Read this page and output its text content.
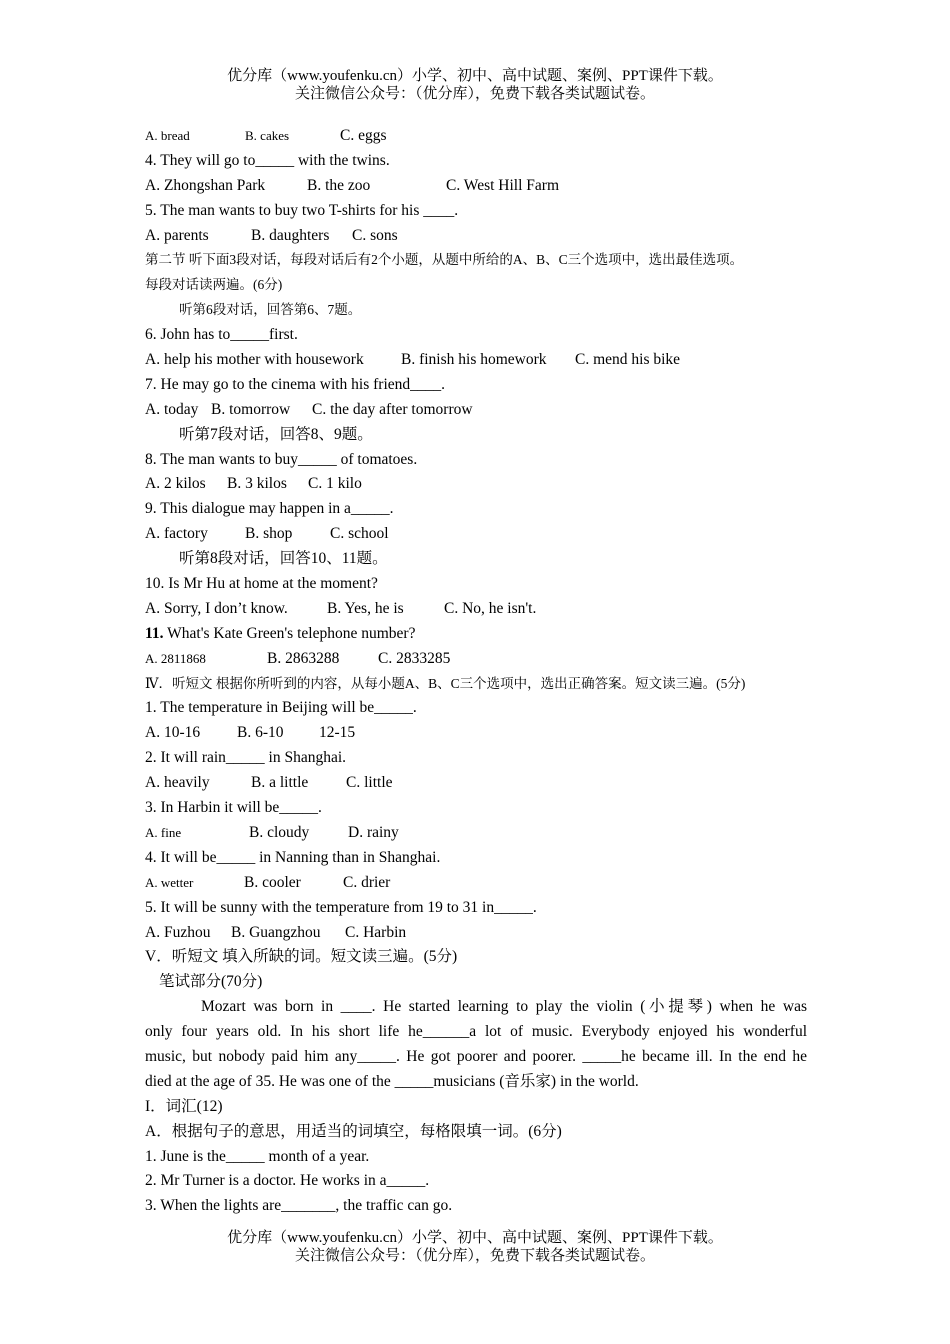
优分库（www.youfenku.cn）小学、初中、高中试题、案例、PPT课件下载。
关注微信公众号：（优分库），免费下载各类试题试卷。
A. bread	B. cakes	C. eggs
4. They will go to_____ with the twins.
A. Zhongshan Park	B. the zoo	C. West Hill Farm
5. The man wants to buy two T-shirts for his ____.
A. parents	B. daughters C. sons
第二节 听下面3段对话，每段对话后有2个小题，从题中所给的A、B、C三个选项中，选出最佳选项。
每段对话读两遍。(6分)
听第6段对话，回答第6、7题。
6. John has to_____first.
A. help his mother with housework B. finish his homework C. mend his bike
7. He may go to the cinema with his friend____.
A. today B. tomorrow C. the day after tomorrow
听第7段对话，回答8、9题。
8. The man wants to buy_____ of tomatoes.
A. 2 kilos B. 3 kilos C. 1 kilo
9. This dialogue may happen in a_____.
A. factory B. shop C. school
听第8段对话，回答10、11题。
10. Is Mr Hu at home at the moment?
A. Sorry, I don’t know.	B. Yes, he is	C. No, he isn't.
11. What's Kate Green's telephone number?
A. 2811868	B. 2863288 C. 2833285
Ⅳ．听短文 根据你所听到的内容，从每小题A、B、C三个选项中，选出正确答案。短文读三遍。(5分)
1. The temperature in Beijing will be_____.
A. 10-16 B. 6-10 12-15
2. It will rain_____ in Shanghai.
A. heavily	B. a little C. little
3. In Harbin it will be_____.
A. fine	B. cloudy D. rainy
4. It will be_____ in Nanning than in Shanghai.
A. wetter	B. cooler	C. drier
5. It will be sunny with the temperature from 19 to 31 in_____.
A. Fuzhou B. Guangzhou C. Harbin
V．听短文 填入所缺的词。短文读三遍。(5分)
笔试部分(70分)
Mozart was born in ____. He started learning to play the violin (小提琴) when he was
only four years old. In his short life he______a lot of music. Everybody enjoyed his wonderful
music, but nobody paid him any_____. He got poorer and poorer. _____he became ill. In the end he
died at the age of 35. He was one of the _____musicians (音乐家) in the world.
I．词汇(12)
A．根据句子的意思，用适当的词填空，每格限填一词。(6分)
1. June is the_____ month of a year.
2. Mr Turner is a doctor. He works in a_____.
3. When the lights are_______, the traffic can go.
优分库（www.youfenku.cn）小学、初中、高中试题、案例、PPT课件下载。
关注微信公众号：（优分库），免费下载各类试题试卷。
